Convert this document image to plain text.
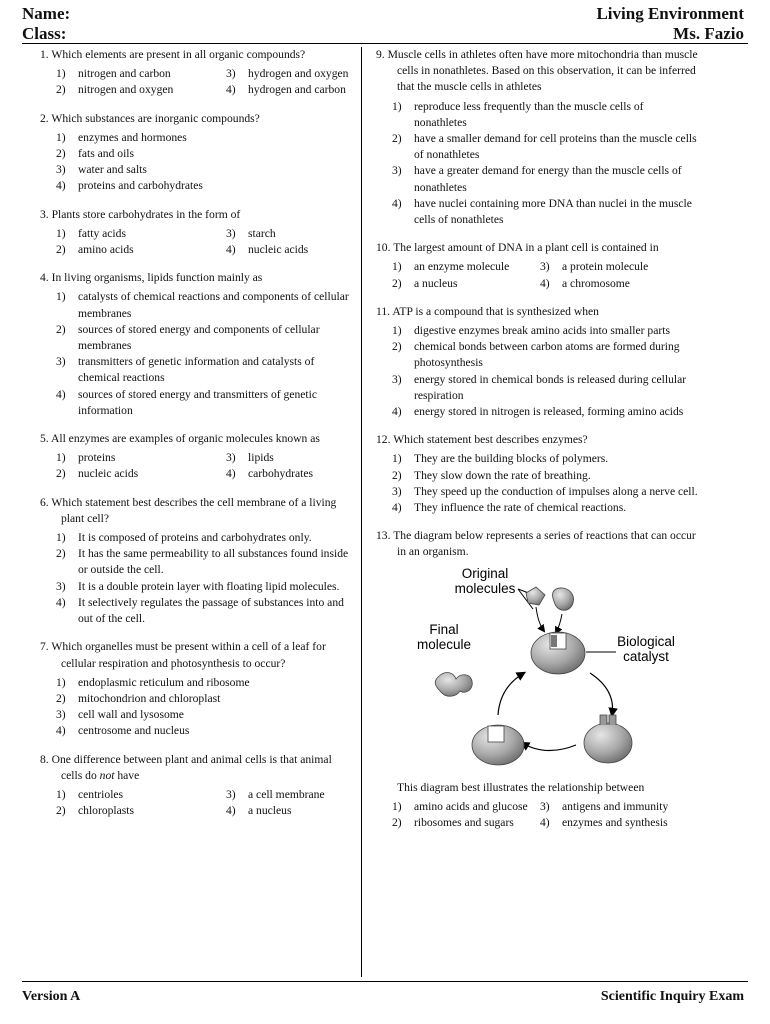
Name:
Class:
Living Environment
Ms. Fazio
1. Which elements are present in all organic compounds?
1) nitrogen and carbon	3) hydrogen and oxygen
2) nitrogen and oxygen	4) hydrogen and carbon
2. Which substances are inorganic compounds?
1) enzymes and hormones
2) fats and oils
3) water and salts
4) proteins and carbohydrates
3. Plants store carbohydrates in the form of
1) fatty acids	3) starch
2) amino acids	4) nucleic acids
4. In living organisms, lipids function mainly as
1) catalysts of chemical reactions and components of cellular membranes
2) sources of stored energy and components of cellular membranes
3) transmitters of genetic information and catalysts of chemical reactions
4) sources of stored energy and transmitters of genetic information
5. All enzymes are examples of organic molecules known as
1) proteins	3) lipids
2) nucleic acids	4) carbohydrates
6. Which statement best describes the cell membrane of a living plant cell?
1) It is composed of proteins and carbohydrates only.
2) It has the same permeability to all substances found inside or outside the cell.
3) It is a double protein layer with floating lipid molecules.
4) It selectively regulates the passage of substances into and out of the cell.
7. Which organelles must be present within a cell of a leaf for cellular respiration and photosynthesis to occur?
1) endoplasmic reticulum and ribosome
2) mitochondrion and chloroplast
3) cell wall and lysosome
4) centrosome and nucleus
8. One difference between plant and animal cells is that animal cells do not have
1) centrioles	3) a cell membrane
2) chloroplasts	4) a nucleus
9. Muscle cells in athletes often have more mitochondria than muscle cells in nonathletes. Based on this observation, it can be inferred that the muscle cells in athletes
1) reproduce less frequently than the muscle cells of nonathletes
2) have a smaller demand for cell proteins than the muscle cells of nonathletes
3) have a greater demand for energy than the muscle cells of nonathletes
4) have nuclei containing more DNA than nuclei in the muscle cells of nonathletes
10. The largest amount of DNA in a plant cell is contained in
1) an enzyme molecule	3) a protein molecule
2) a nucleus	4) a chromosome
11. ATP is a compound that is synthesized when
1) digestive enzymes break amino acids into smaller parts
2) chemical bonds between carbon atoms are formed during photosynthesis
3) energy stored in chemical bonds is released during cellular respiration
4) energy stored in nitrogen is released, forming amino acids
12. Which statement best describes enzymes?
1) They are the building blocks of polymers.
2) They slow down the rate of breathing.
3) They speed up the conduction of impulses along a nerve cell.
4) They influence the rate of chemical reactions.
13. The diagram below represents a series of reactions that can occur in an organism.
Original
molecules
Final
molecule	Biological
catalyst
This diagram best illustrates the relationship between
1) amino acids and glucose	3) antigens and immunity
2) ribosomes and sugars	4) enzymes and synthesis
Version A	Scientific Inquiry Exam
